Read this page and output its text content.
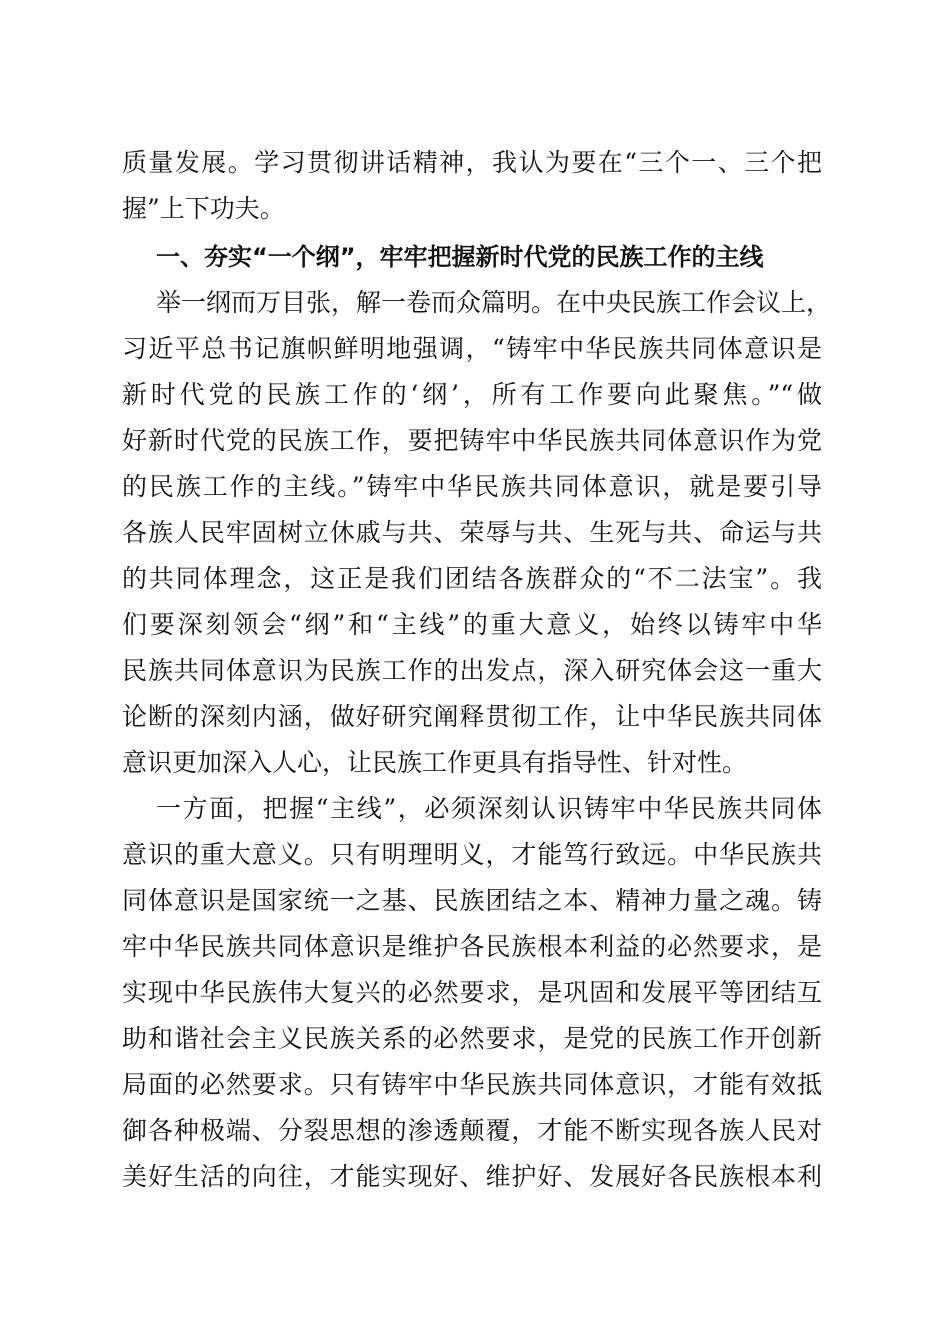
质量发展。学习贯彻讲话精神，我认为要在“三个一、三个把
握”上下功夫。
一、夯实“一个纲”，牢牢把握新时代党的民族工作的主线
举一纲而万目张，解一卷而众篇明。在中央民族工作会议上，
习近平总书记旗帜鲜明地强调，“铸牢中华民族共同体意识是
新时代党的民族工作的‘纲’，所有工作要向此聚焦。”“做
好新时代党的民族工作，要把铸牢中华民族共同体意识作为党
的民族工作的主线。”铸牢中华民族共同体意识，就是要引导
各族人民牢固树立休戚与共、荣辱与共、生死与共、命运与共
的共同体理念，这正是我们团结各族群众的“不二法宝”。我
们要深刻领会“纲”和“主线”的重大意义，始终以铸牢中华
民族共同体意识为民族工作的出发点，深入研究体会这一重大
论断的深刻内涵，做好研究阐释贯彻工作，让中华民族共同体
意识更加深入人心，让民族工作更具有指导性、针对性。
一方面，把握“主线”，必须深刻认识铸牢中华民族共同体
意识的重大意义。只有明理明义，才能笃行致远。中华民族共
同体意识是国家统一之基、民族团结之本、精神力量之魂。铸
牢中华民族共同体意识是维护各民族根本利益的必然要求，是
实现中华民族伟大复兴的必然要求，是巩固和发展平等团结互
助和谐社会主义民族关系的必然要求，是党的民族工作开创新
局面的必然要求。只有铸牢中华民族共同体意识，才能有效抵
御各种极端、分裂思想的渗透颠覆，才能不断实现各族人民对
美好生活的向往，才能实现好、维护好、发展好各民族根本利
